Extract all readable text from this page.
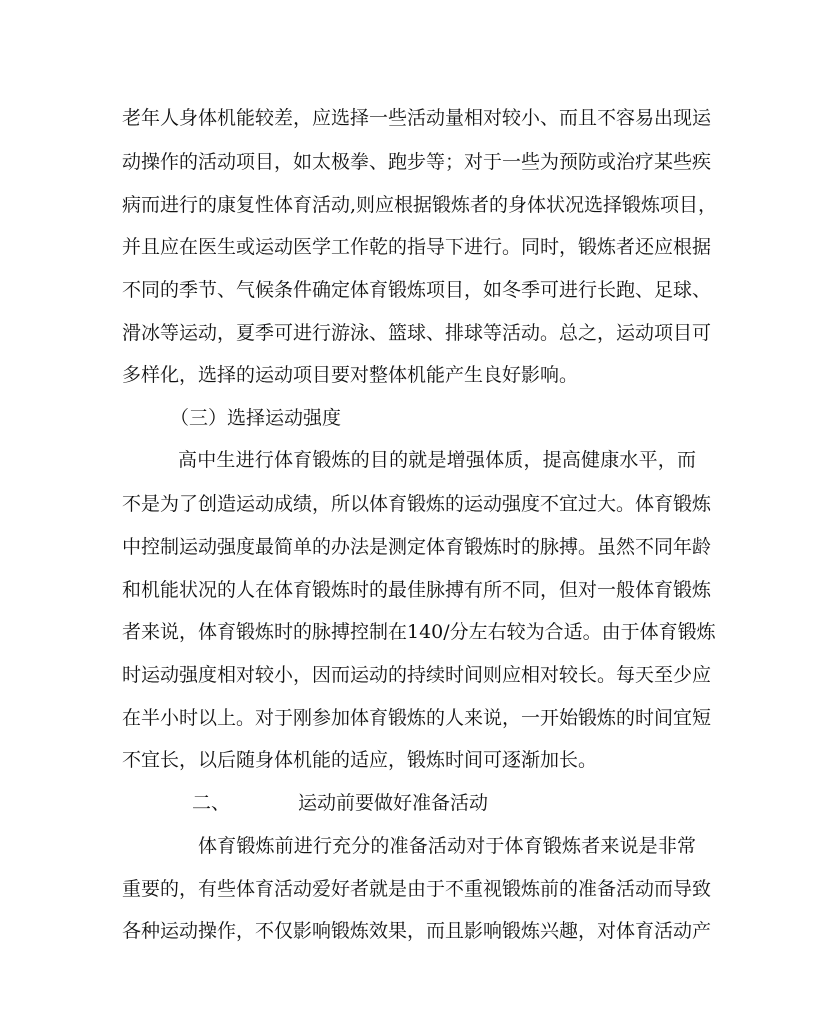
老年人身体机能较差，应选择一些活动量相对较小、而且不容易出现运
动操作的活动项目，如太极拳、跑步等；对于一些为预防或治疗某些疾
病而进行的康复性体育活动,则应根据锻炼者的身体状况选择锻炼项目，
并且应在医生或运动医学工作乾的指导下进行。同时，锻炼者还应根据
不同的季节、气候条件确定体育锻炼项目，如冬季可进行长跑、足球、
滑冰等运动，夏季可进行游泳、篮球、排球等活动。总之，运动项目可
多样化，选择的运动项目要对整体机能产生良好影响。
（三）选择运动强度
高中生进行体育锻炼的目的就是增强体质，提高健康水平，而
不是为了创造运动成绩，所以体育锻炼的运动强度不宜过大。体育锻炼
中控制运动强度最简单的办法是测定体育锻炼时的脉搏。虽然不同年龄
和机能状况的人在体育锻炼时的最佳脉搏有所不同，但对一般体育锻炼
者来说，体育锻炼时的脉搏控制在140/分左右较为合适。由于体育锻炼
时运动强度相对较小，因而运动的持续时间则应相对较长。每天至少应
在半小时以上。对于刚参加体育锻炼的人来说，一开始锻炼的时间宜短
不宜长，以后随身体机能的适应，锻炼时间可逐渐加长。
二、	运动前要做好准备活动
体育锻炼前进行充分的准备活动对于体育锻炼者来说是非常
重要的，有些体育活动爱好者就是由于不重视锻炼前的准备活动而导致
各种运动操作，不仅影响锻炼效果，而且影响锻炼兴趣，对体育活动产
